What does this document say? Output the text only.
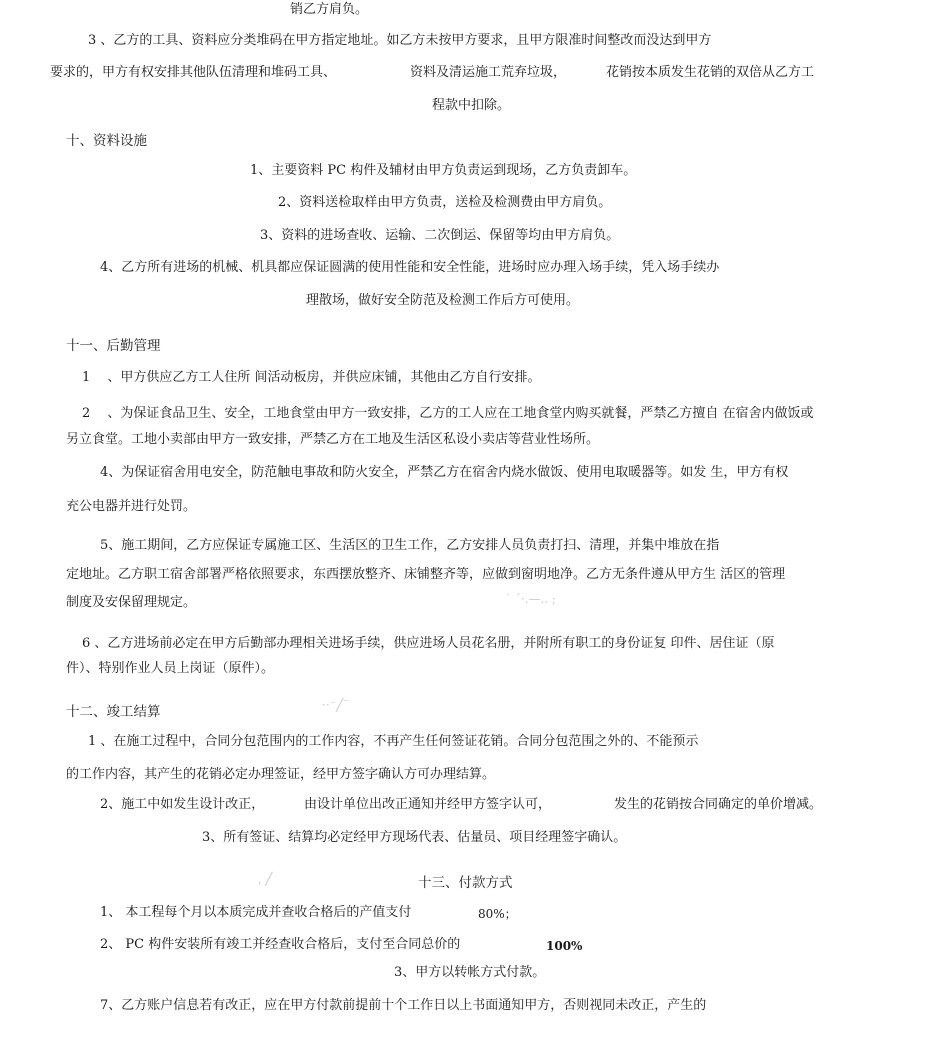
销乙方肩负。
3 、乙方的工具、资料应分类堆码在甲方指定地址。如乙方未按甲方要求，且甲方限准时间整改而没达到甲方
要求的，甲方有权安排其他队伍清理和堆码工具、	资料及清运施工荒弃垃圾，	花销按本质发生花销的双倍从乙方工
程款中扣除。
十、资料设施
1、主要资料 PC 构件及辅材由甲方负责运到现场，乙方负责卸车。
2、资料送检取样由甲方负责，送检及检测费由甲方肩负。
3、资料的进场查收、运输、二次倒运、保留等均由甲方肩负。
4、乙方所有进场的机械、机具都应保证圆满的使用性能和安全性能，进场时应办理入场手续，凭入场手续办
理散场，做好安全防范及检测工作后方可使用。
十一、后勤管理
1　 、甲方供应乙方工人住所 间活动板房，并供应床铺，其他由乙方自行安排。
2　 、为保证食品卫生、安全，工地食堂由甲方一致安排，乙方的工人应在工地食堂内购买就餐，严禁乙方擅自 在宿舍内做饭或
另立食堂。工地小卖部由甲方一致安排，严禁乙方在工地及生活区私设小卖店等营业性场所。
4、为保证宿舍用电安全，防范触电事故和防火安全，严禁乙方在宿舍内烧水做饭、使用电取暖器等。如发 生，甲方有权
充公电器并进行处罚。
5、施工期间，乙方应保证专属施工区、生活区的卫生工作，乙方安排人员负责打扫、清理，并集中堆放在指
定地址。乙方职工宿舍部署严格依照要求，东西摆放整齐、床铺整齐等，应做到窗明地净。乙方无条件遵从甲方生 活区的管理
制度及安保留理规定。	˙ ˊ·.—.. ;
6 、乙方进场前必定在甲方后勤部办理相关进场手续，供应进场人员花名册，并附所有职工的身份证复 印件、居住证（原
件）、特别作业人员上岗证（原件）。
十二、竣工结算	··⁻╱‾
1 、在施工过程中，合同分包范围内的工作内容，不再产生任何签证花销。合同分包范围之外的、不能预示
的工作内容，其产生的花销必定办理签证，经甲方签字确认方可办理结算。
2、施工中如发生设计改正，	由设计单位出改正通知并经甲方签字认可，	发生的花销按合同确定的单价增减。
3、所有签证、结算均必定经甲方现场代表、估量员、项目经理签字确认。
ˌ ╱	十三、付款方式
1、 本工程每个月以本质完成并查收合格后的产值支付	80%；
2、 PC 构件安装所有竣工并经查收合格后，支付至合同总价的	100%
3、甲方以转帐方式付款。
7、乙方账户信息若有改正，应在甲方付款前提前十个工作日以上书面通知甲方，否则视同未改正，产生的
